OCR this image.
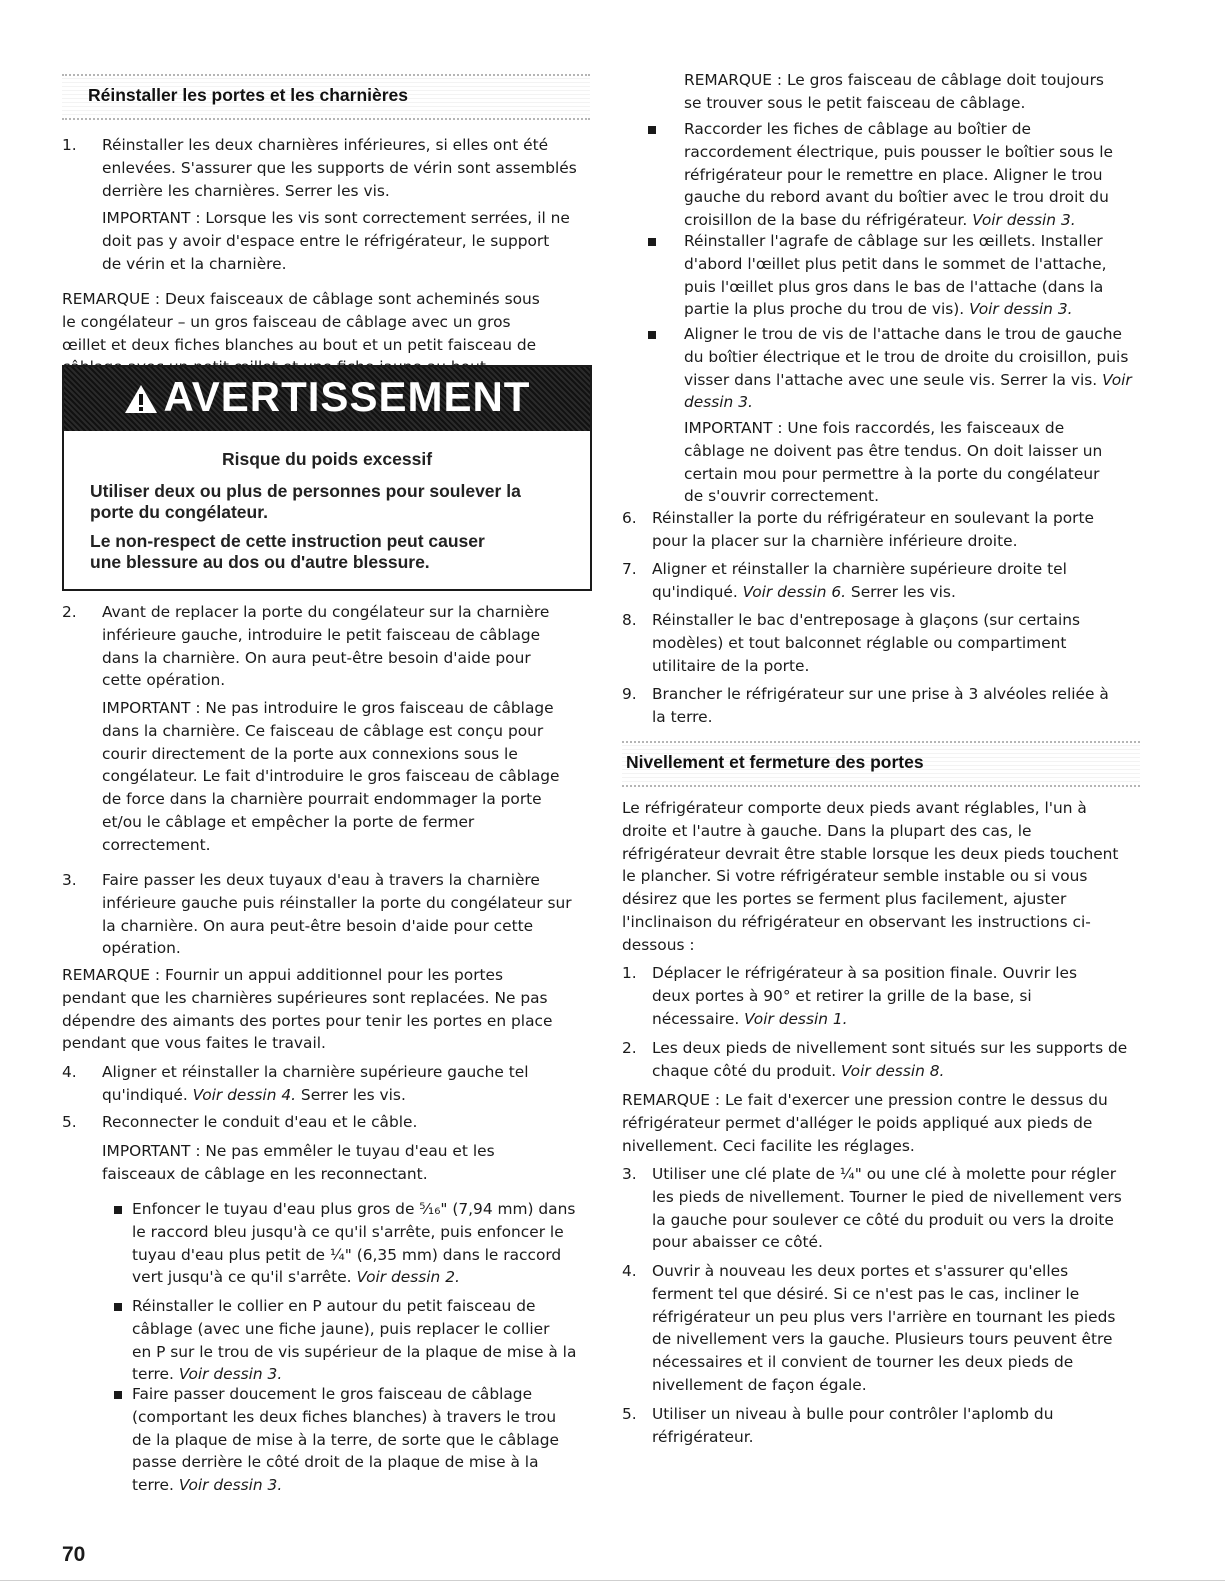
Réinstaller les portes et les charnières
1.	Réinstaller les deux charnières inférieures, si elles ont été

enlevées. S'assurer que les supports de vérin sont assemblés

derrière les charnières. Serrer les vis.

IMPORTANT : Lorsque les vis sont correctement serrées, il ne

doit pas y avoir d'espace entre le réfrigérateur, le support

de vérin et la charnière.

REMARQUE : Deux faisceaux de câblage sont acheminés sous

le congélateur – un gros faisceau de câblage avec un gros

œillet et deux fiches blanches au bout et un petit faisceau de

AVERTISSEMENT
Risque du poids excessif
Utiliser deux ou plus de personnes pour soulever la
porte du congélateur.
Le non-respect de cette instruction peut causer
une blessure au dos ou d'autre blessure.
2.	Avant de replacer la porte du congélateur sur la charnière

inférieure gauche, introduire le petit faisceau de câblage

dans la charnière. On aura peut-être besoin d'aide pour

cette opération.

IMPORTANT : Ne pas introduire le gros faisceau de câblage

dans la charnière. Ce faisceau de câblage est conçu pour

courir directement de la porte aux connexions sous le

congélateur. Le fait d'introduire le gros faisceau de câblage

de force dans la charnière pourrait endommager la porte

et/ou le câblage et empêcher la porte de fermer

correctement.

3.	Faire passer les deux tuyaux d'eau à travers la charnière

inférieure gauche puis réinstaller la porte du congélateur sur

la charnière. On aura peut-être besoin d'aide pour cette

opération.

REMARQUE : Fournir un appui additionnel pour les portes

pendant que les charnières supérieures sont replacées. Ne pas

dépendre des aimants des portes pour tenir les portes en place

pendant que vous faites le travail.

4.	Aligner et réinstaller la charnière supérieure gauche tel

qu'indiqué. Voir dessin 4. Serrer les vis.

5.	Reconnecter le conduit d'eau et le câble.

IMPORTANT : Ne pas emmêler le tuyau d'eau et les

faisceaux de câblage en les reconnectant.

Enfoncer le tuyau d'eau plus gros de ⁵⁄₁₆" (7,94 mm) dans

le raccord bleu jusqu'à ce qu'il s'arrête, puis enfoncer le

tuyau d'eau plus petit de ¼" (6,35 mm) dans le raccord

vert jusqu'à ce qu'il s'arrête. Voir dessin 2.

Réinstaller le collier en P autour du petit faisceau de

câblage (avec une fiche jaune), puis replacer le collier

en P sur le trou de vis supérieur de la plaque de mise à la

terre. Voir dessin 3.

Faire passer doucement le gros faisceau de câblage

(comportant les deux fiches blanches) à travers le trou

de la plaque de mise à la terre, de sorte que le câblage

passe derrière le côté droit de la plaque de mise à la

terre. Voir dessin 3.

REMARQUE : Le gros faisceau de câblage doit toujours

se trouver sous le petit faisceau de câblage.

Raccorder les fiches de câblage au boîtier de

raccordement électrique, puis pousser le boîtier sous le

réfrigérateur pour le remettre en place. Aligner le trou

gauche du rebord avant du boîtier avec le trou droit du

croisillon de la base du réfrigérateur. Voir dessin 3.

Réinstaller l'agrafe de câblage sur les œillets. Installer

d'abord l'œillet plus petit dans le sommet de l'attache,

puis l'œillet plus gros dans le bas de l'attache (dans la

partie la plus proche du trou de vis). Voir dessin 3.

Aligner le trou de vis de l'attache dans le trou de gauche

du boîtier électrique et le trou de droite du croisillon, puis

visser dans l'attache avec une seule vis. Serrer la vis. Voir

dessin 3.

IMPORTANT : Une fois raccordés, les faisceaux de

câblage ne doivent pas être tendus. On doit laisser un

certain mou pour permettre à la porte du congélateur

de s'ouvrir correctement.

6. Réinstaller la porte du réfrigérateur en soulevant la porte

pour la placer sur la charnière inférieure droite.

7. Aligner et réinstaller la charnière supérieure droite tel

qu'indiqué. Voir dessin 6. Serrer les vis.

8. Réinstaller le bac d'entreposage à glaçons (sur certains

modèles) et tout balconnet réglable ou compartiment

utilitaire de la porte.

9. Brancher le réfrigérateur sur une prise à 3 alvéoles reliée à

la terre.

Nivellement et fermeture des portes

Le réfrigérateur comporte deux pieds avant réglables, l'un à

droite et l'autre à gauche. Dans la plupart des cas, le

réfrigérateur devrait être stable lorsque les deux pieds touchent

le plancher. Si votre réfrigérateur semble instable ou si vous

désirez que les portes se ferment plus facilement, ajuster

l'inclinaison du réfrigérateur en observant les instructions ci-

dessous :

1. Déplacer le réfrigérateur à sa position finale. Ouvrir les

deux portes à 90° et retirer la grille de la base, si

nécessaire. Voir dessin 1.

2. Les deux pieds de nivellement sont situés sur les supports de

chaque côté du produit. Voir dessin 8.

REMARQUE : Le fait d'exercer une pression contre le dessus du

réfrigérateur permet d'alléger le poids appliqué aux pieds de

nivellement. Ceci facilite les réglages.

3. Utiliser une clé plate de ¼" ou une clé à molette pour régler

les pieds de nivellement. Tourner le pied de nivellement vers

la gauche pour soulever ce côté du produit ou vers la droite

pour abaisser ce côté.

4. Ouvrir à nouveau les deux portes et s'assurer qu'elles

ferment tel que désiré. Si ce n'est pas le cas, incliner le

réfrigérateur un peu plus vers l'arrière en tournant les pieds

de nivellement vers la gauche. Plusieurs tours peuvent être

nécessaires et il convient de tourner les deux pieds de

nivellement de façon égale.

5. Utiliser un niveau à bulle pour contrôler l'aplomb du

réfrigérateur.

70
